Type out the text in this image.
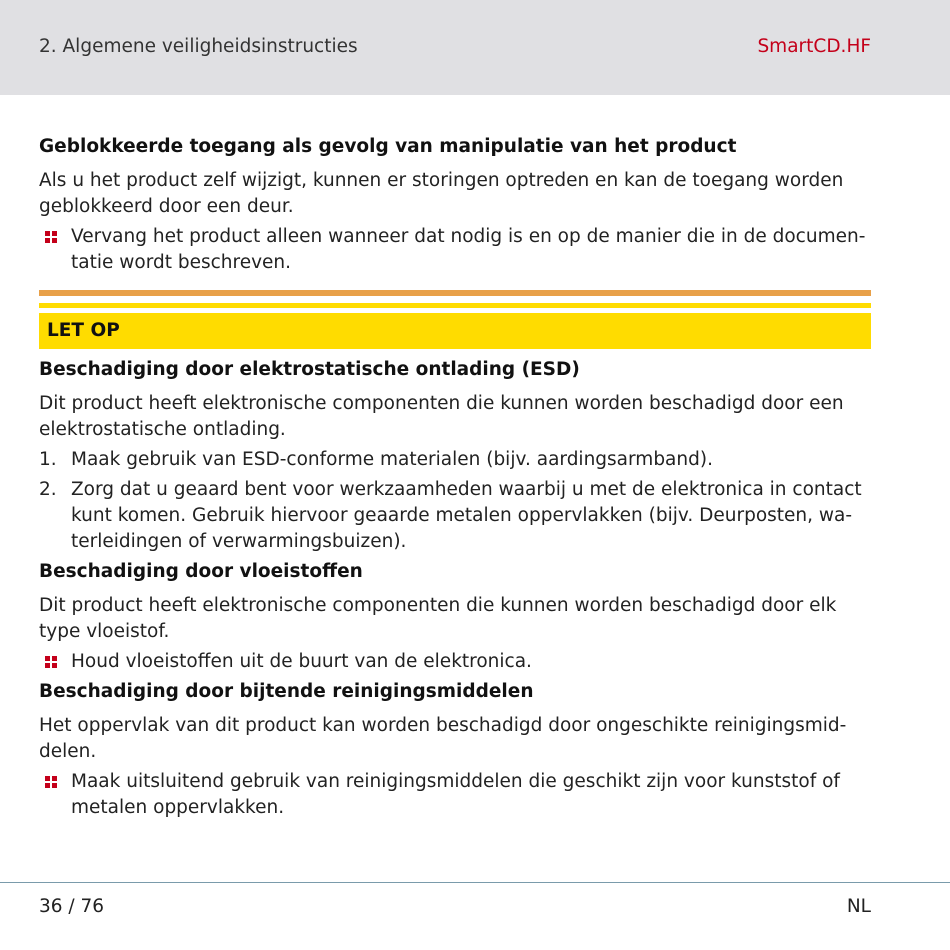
2. Algemene veiligheidsinstructies	SmartCD.HF
Geblokkeerde toegang als gevolg van manipulatie van het product

Als u het product zelf wijzigt, kunnen er storingen optreden en kan de toegang worden geblokkeerd door een deur.

Vervang het product alleen wanneer dat nodig is en op de manier die in de documentatie wordt beschreven.
LET OP
Beschadiging door elektrostatische ontlading (ESD)

Dit product heeft elektronische componenten die kunnen worden beschadigd door een elektrostatische ontlading.

1. Maak gebruik van ESD-conforme materialen (bijv. aardingsarmband).
2. Zorg dat u geaard bent voor werkzaamheden waarbij u met de elektronica in contact kunt komen. Gebruik hiervoor geaarde metalen oppervlakken (bijv. Deurposten, waterleidingen of verwarmingsbuizen).
Beschadiging door vloeistoffen

Dit product heeft elektronische componenten die kunnen worden beschadigd door elk type vloeistof.

Houd vloeistoffen uit de buurt van de elektronica.
Beschadiging door bijtende reinigingsmiddelen

Het oppervlak van dit product kan worden beschadigd door ongeschikte reinigingsmiddelen.

Maak uitsluitend gebruik van reinigingsmiddelen die geschikt zijn voor kunststof of metalen oppervlakken.
36 / 76	NL
